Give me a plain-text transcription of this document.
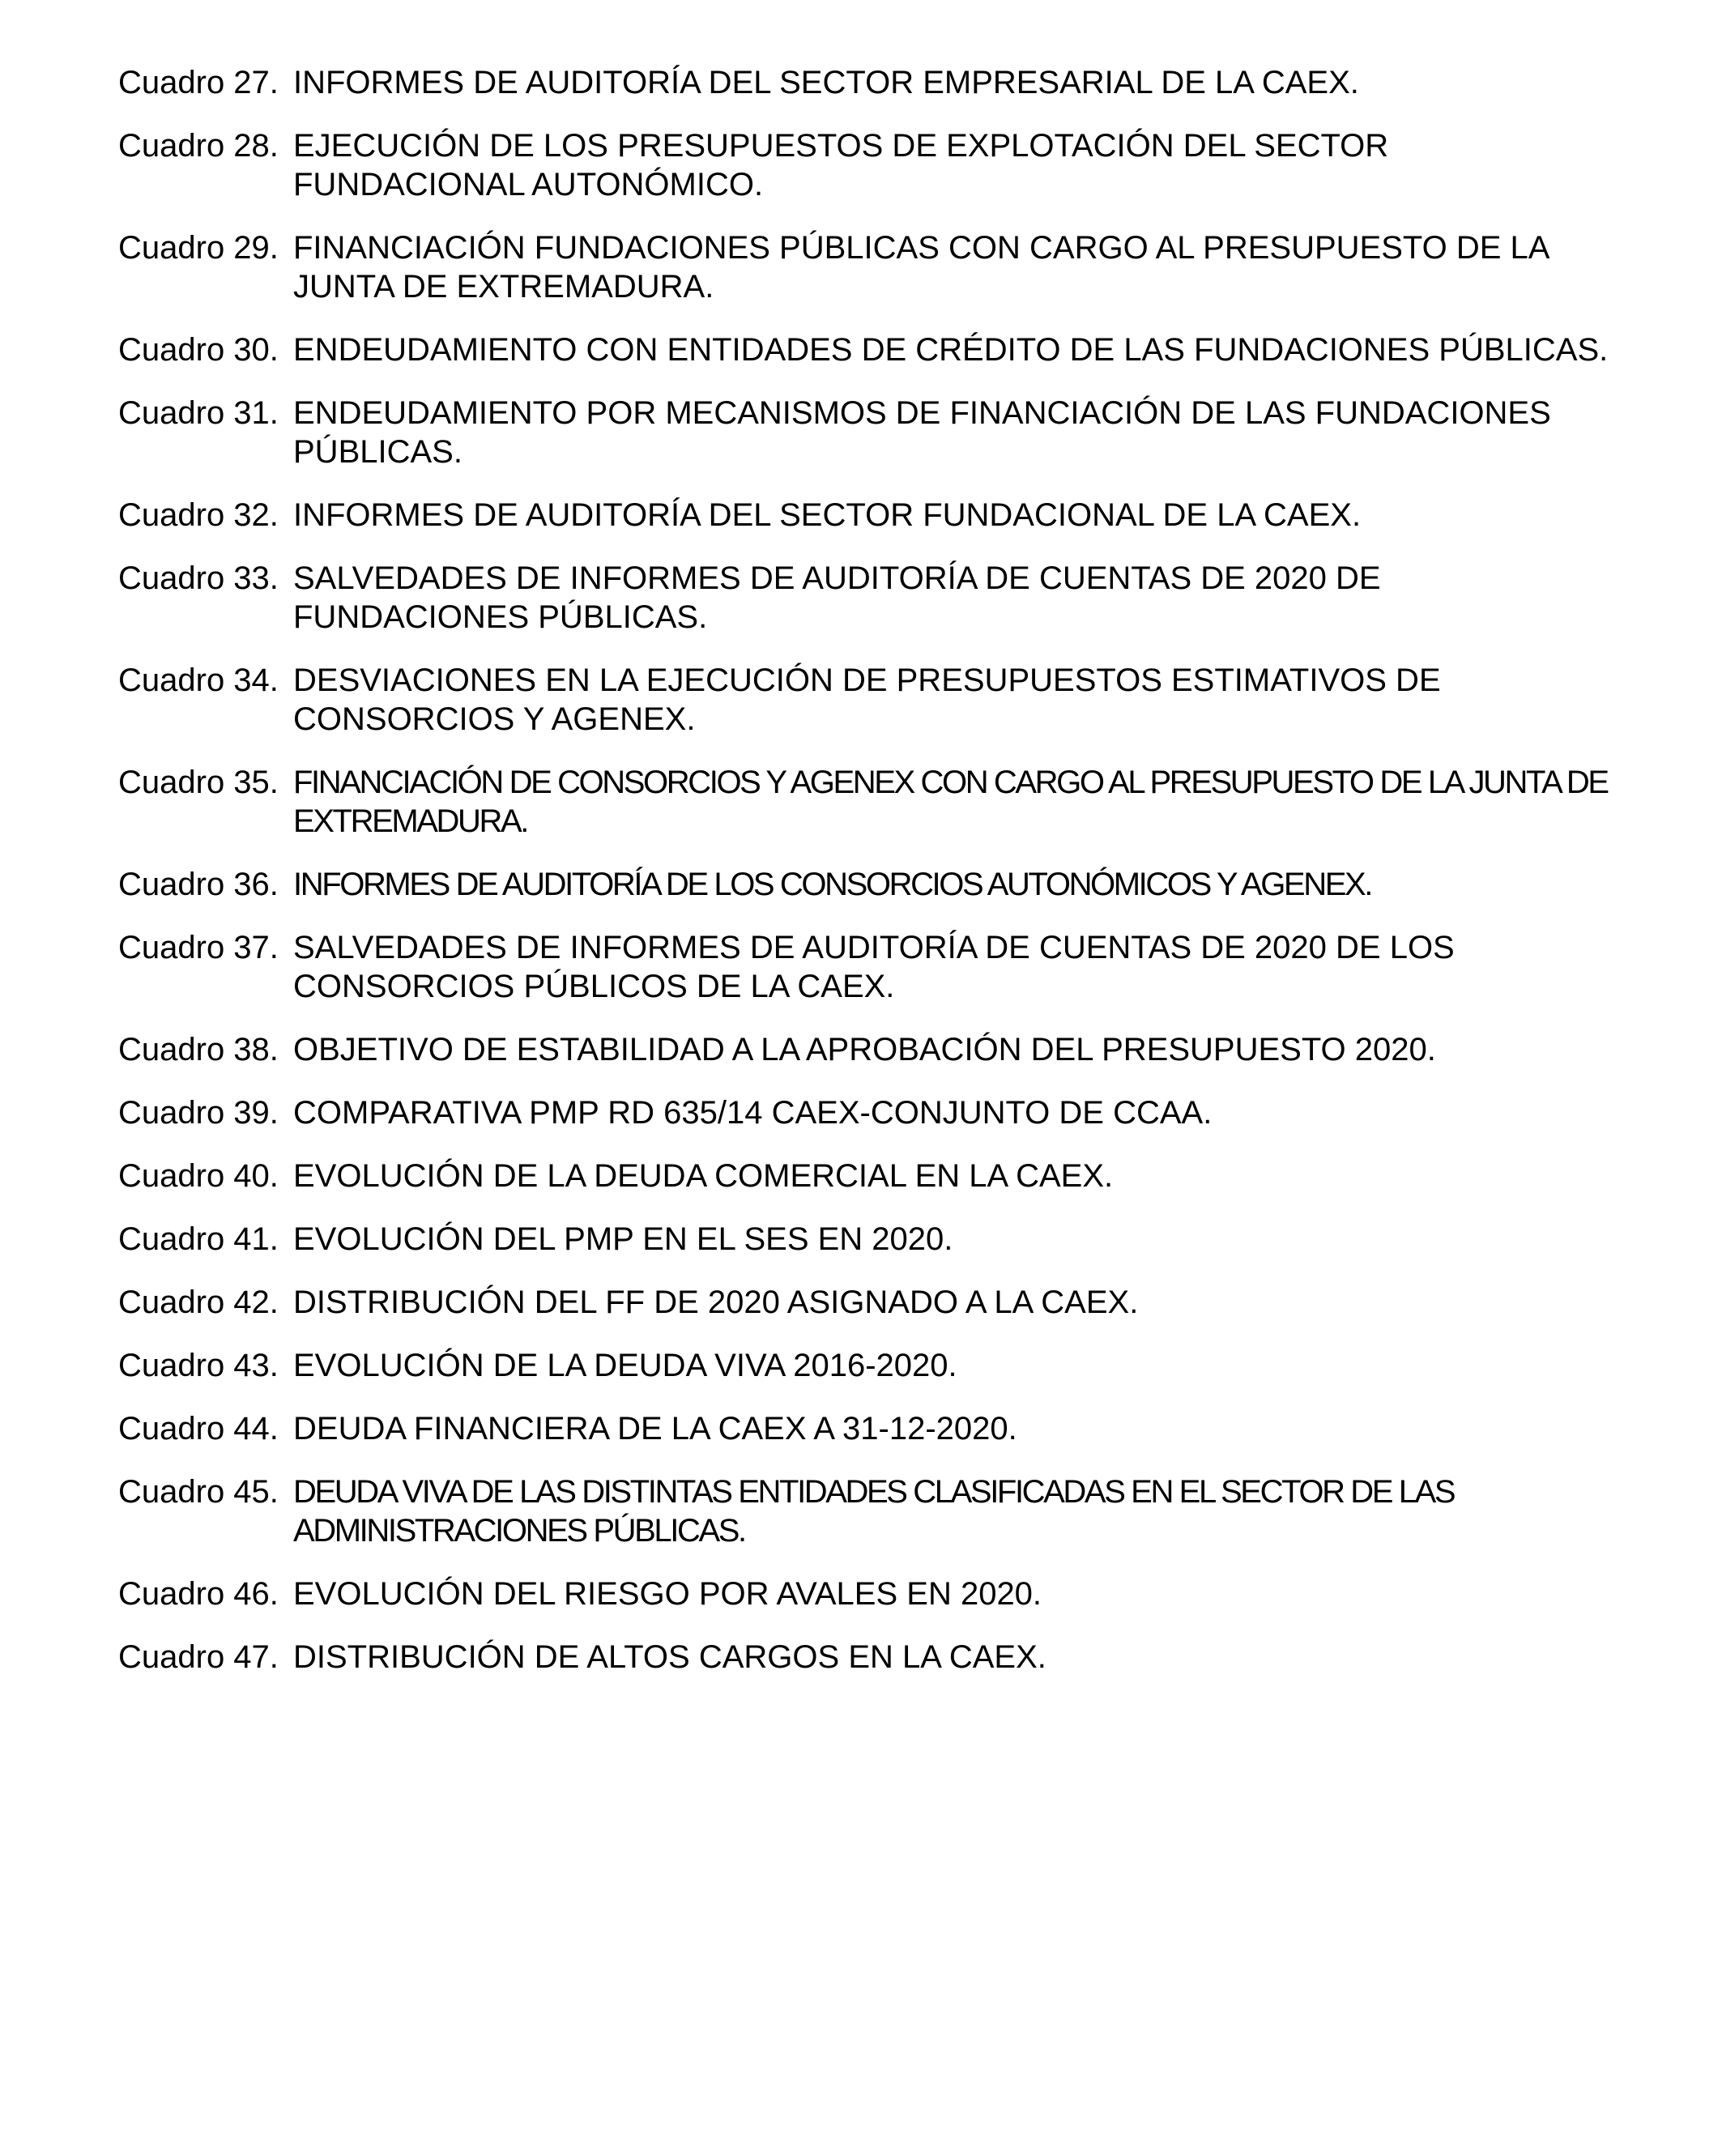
Cuadro 27. INFORMES DE AUDITORÍA DEL SECTOR EMPRESARIAL DE LA CAEX.
Cuadro 28. EJECUCIÓN DE LOS PRESUPUESTOS DE EXPLOTACIÓN DEL SECTOR FUNDACIONAL AUTONÓMICO.
Cuadro 29. FINANCIACIÓN FUNDACIONES PÚBLICAS CON CARGO AL PRESUPUESTO DE LA JUNTA DE EXTREMADURA.
Cuadro 30. ENDEUDAMIENTO CON ENTIDADES DE CRÉDITO DE LAS FUNDACIONES PÚBLICAS.
Cuadro 31. ENDEUDAMIENTO POR MECANISMOS DE FINANCIACIÓN DE LAS FUNDACIONES PÚBLICAS.
Cuadro 32. INFORMES DE AUDITORÍA DEL SECTOR FUNDACIONAL DE LA CAEX.
Cuadro 33. SALVEDADES DE INFORMES DE AUDITORÍA DE CUENTAS DE 2020 DE FUNDACIONES PÚBLICAS.
Cuadro 34. DESVIACIONES EN LA EJECUCIÓN DE PRESUPUESTOS ESTIMATIVOS DE CONSORCIOS Y AGENEX.
Cuadro 35. FINANCIACIÓN DE CONSORCIOS Y AGENEX CON CARGO AL PRESUPUESTO DE LA JUNTA DE EXTREMADURA.
Cuadro 36. INFORMES DE AUDITORÍA DE LOS CONSORCIOS AUTONÓMICOS Y AGENEX.
Cuadro 37. SALVEDADES DE INFORMES DE AUDITORÍA DE CUENTAS DE 2020 DE LOS CONSORCIOS PÚBLICOS DE LA CAEX.
Cuadro 38. OBJETIVO DE ESTABILIDAD A LA APROBACIÓN DEL PRESUPUESTO 2020.
Cuadro 39. COMPARATIVA PMP RD 635/14 CAEX-CONJUNTO DE CCAA.
Cuadro 40. EVOLUCIÓN DE LA DEUDA COMERCIAL EN LA CAEX.
Cuadro 41. EVOLUCIÓN DEL PMP EN EL SES EN 2020.
Cuadro 42. DISTRIBUCIÓN DEL FF DE 2020 ASIGNADO A LA CAEX.
Cuadro 43. EVOLUCIÓN DE LA DEUDA VIVA 2016-2020.
Cuadro 44. DEUDA FINANCIERA DE LA CAEX A 31-12-2020.
Cuadro 45. DEUDA VIVA DE LAS DISTINTAS ENTIDADES CLASIFICADAS EN EL SECTOR DE LAS ADMINISTRACIONES PÚBLICAS.
Cuadro 46. EVOLUCIÓN DEL RIESGO POR AVALES EN 2020.
Cuadro 47. DISTRIBUCIÓN DE ALTOS CARGOS EN LA CAEX.
